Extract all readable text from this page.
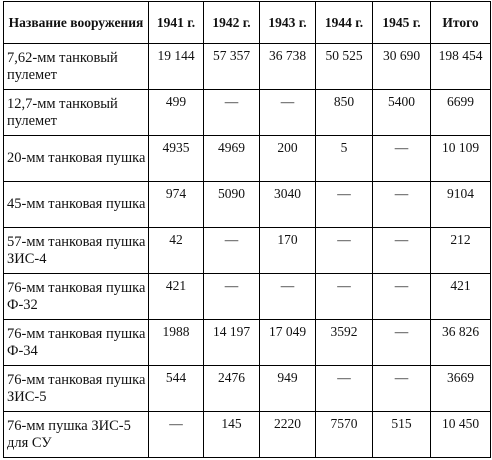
Название вооружения	1941 г.	1942 г.	1943 г.	1944 г.	1945 г.	Итого
7,62-мм танковый пулемет	19 144	57 357	36 738	50 525	30 690	198 454
12,7-мм танковый пулемет	499	—	—	850	5400	6699
20-мм танковая пушка	4935	4969	200	5	—	10 109
45-мм танковая пушка	974	5090	3040	—	—	9104
57-мм танковая пушка ЗИС-4	42	—	170	—	—	212
76-мм танковая пушка Ф-32	421	—	—	—	—	421
76-мм танковая пушка Ф-34	1988	14 197	17 049	3592	—	36 826
76-мм танковая пушка ЗИС-5	544	2476	949	—	—	3669
76-мм пушка ЗИС-5 для СУ	—	145	2220	7570	515	10 450
